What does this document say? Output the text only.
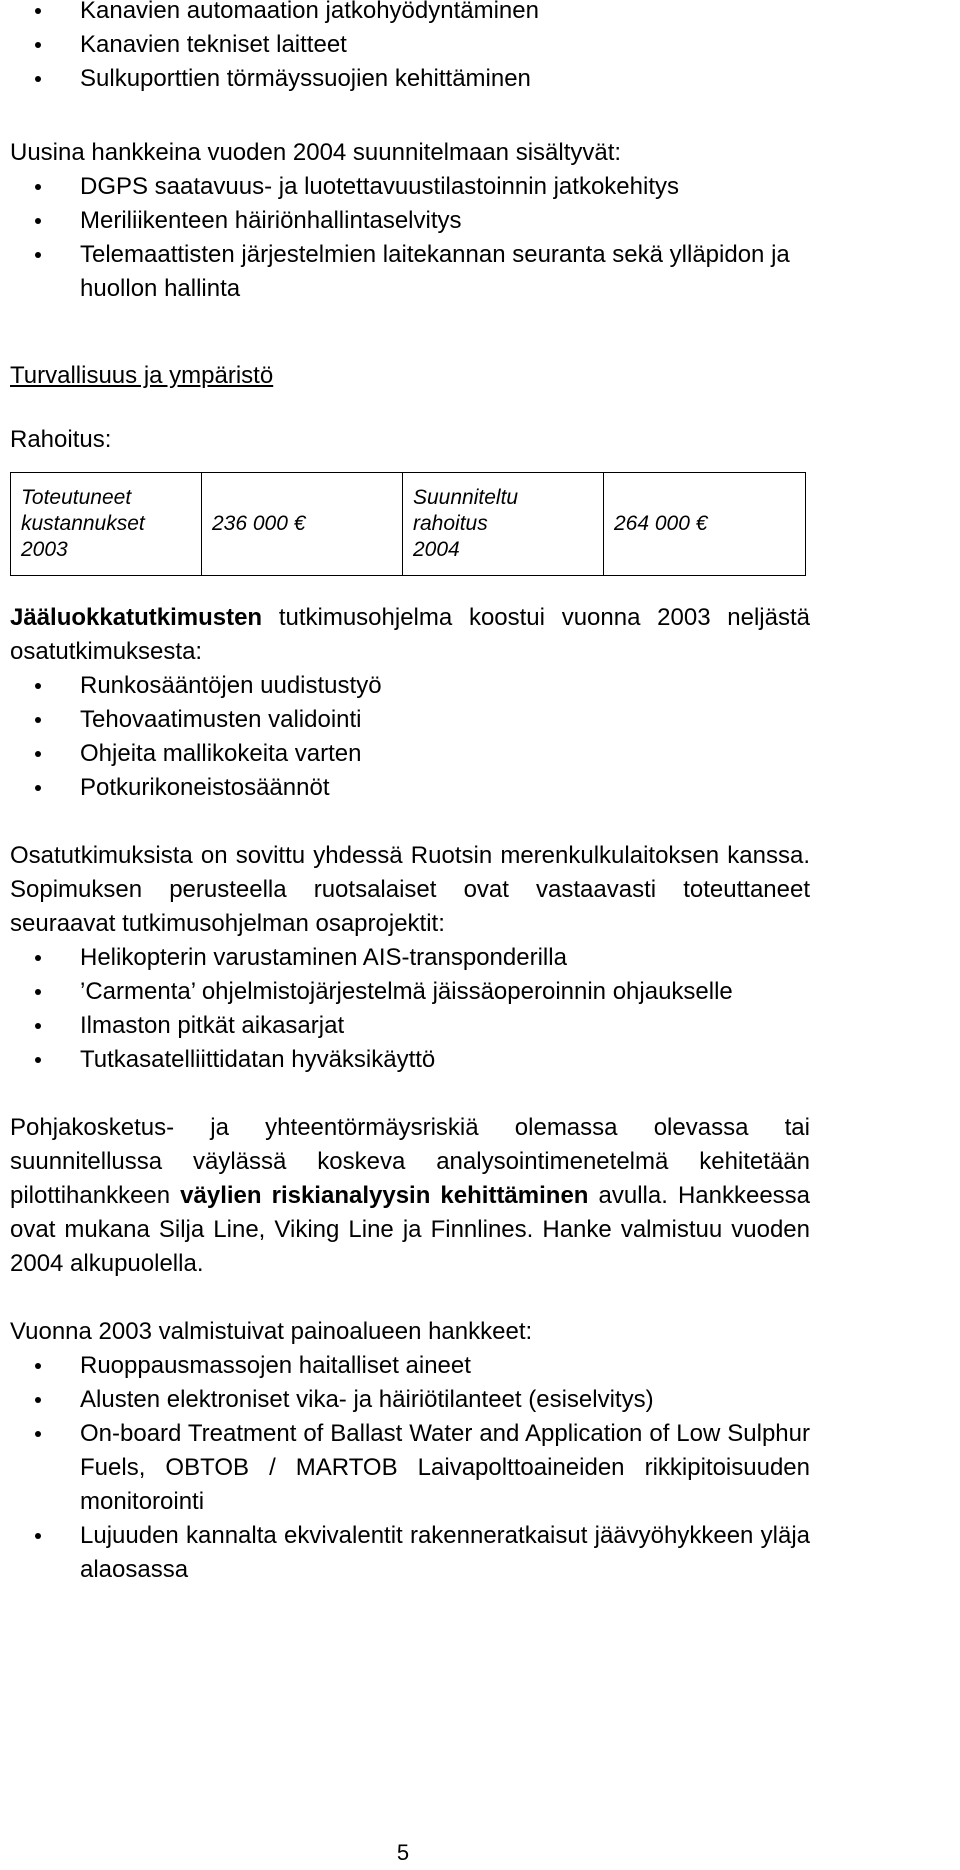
Kanavien automaation jatkohyödyntäminen
Kanavien tekniset laitteet
Sulkuporttien törmäyssuojien kehittäminen

Uusina hankkeina vuoden 2004 suunnitelmaan sisältyvät:

DGPS saatavuus- ja luotettavuustilastoinnin jatkokehitys
Meriliikenteen häiriönhallintaselvitys
Telemaattisten järjestelmien laitekannan seuranta sekä ylläpidon ja huollon hallinta

Turvallisuus ja ympäristö

Rahoitus:

Toteutuneet
kustannukset
2003
	236 000 €	
Suunniteltu
rahoitus
2004
	264 000 €

Jääluokkatutkimusten tutkimusohjelma koostui vuonna 2003 neljästä osatutkimuksesta:

Runkosääntöjen uudistustyö
Tehovaatimusten validointi
Ohjeita mallikokeita varten
Potkurikoneistosäännöt

Osatutkimuksista on sovittu yhdessä Ruotsin merenkulkulaitoksen kanssa. Sopimuksen perusteella ruotsalaiset ovat vastaavasti toteuttaneet seuraavat tutkimusohjelman osaprojektit:

Helikopterin varustaminen AIS-transponderilla
’Carmenta’ ohjelmistojärjestelmä jäissäoperoinnin ohjaukselle
Ilmaston pitkät aikasarjat
Tutkasatelliittidatan hyväksikäyttö

Pohjakosketus- ja yhteentörmäysriskiä olemassa olevassa tai suunnitellussa väylässä koskeva analysointimenetelmä kehitetään pilottihankkeen väylien riskianalyysin kehittäminen avulla. Hankkeessa ovat mukana Silja Line, Viking Line ja Finnlines. Hanke valmistuu vuoden 2004 alkupuolella.

Vuonna 2003 valmistuivat painoalueen hankkeet:

Ruoppausmassojen haitalliset aineet
Alusten elektroniset vika- ja häiriötilanteet (esiselvitys)
On-board Treatment of Ballast Water and Application of Low Sulphur Fuels, OBTOB / MARTOB Laivapolttoaineiden rikkipitoisuuden monitorointi
Lujuuden kannalta ekvivalentit rakenneratkaisut jäävyöhykkeen yläja alaosassa
5
